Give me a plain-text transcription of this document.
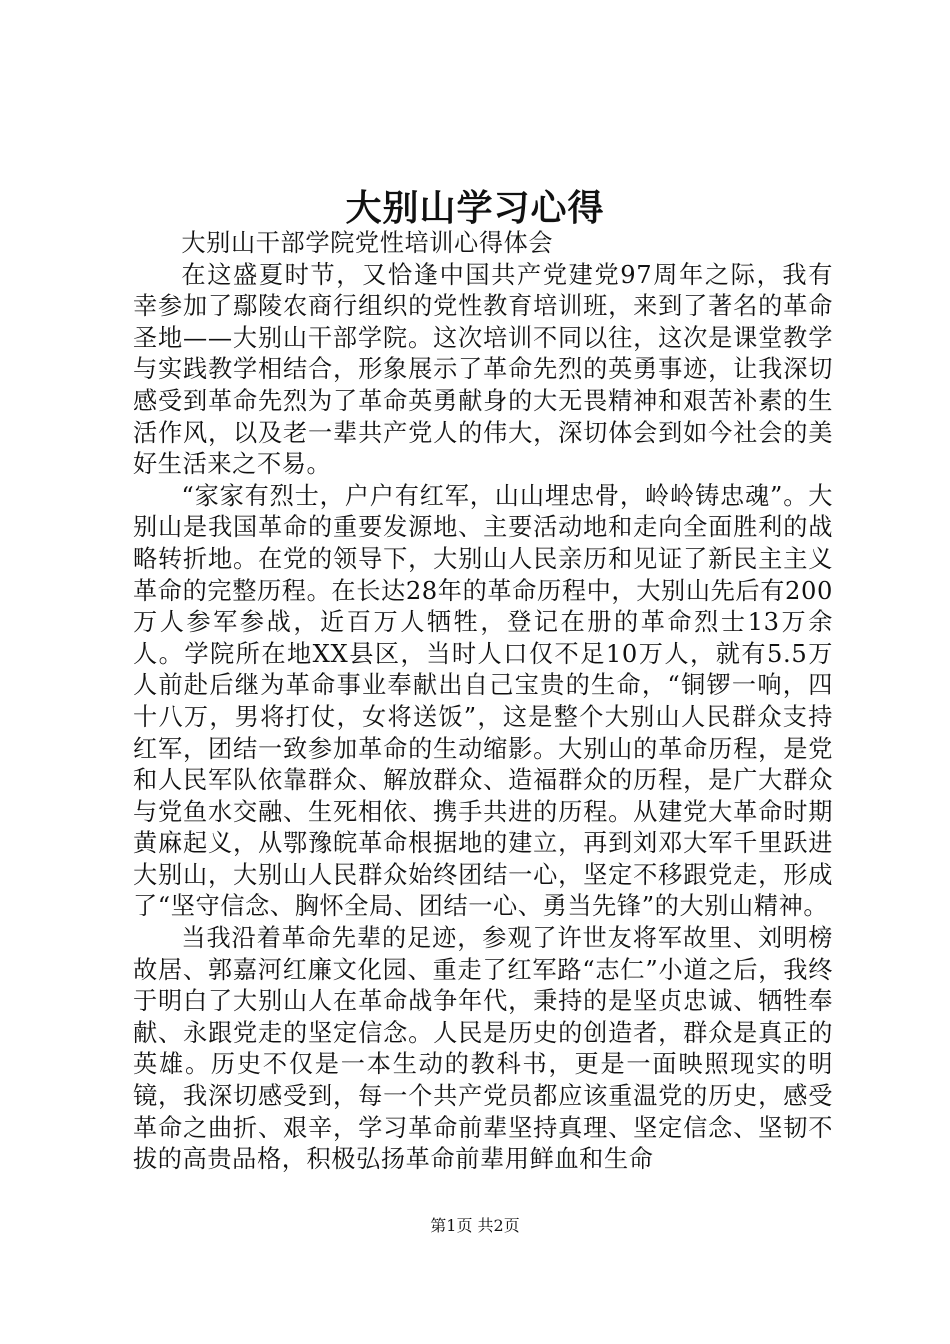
大别山学习心得

大别山干部学院党性培训心得体会

在这盛夏时节，又恰逢中国共产党建党97周年之际，我有幸参加了鄢陵农商行组织的党性教育培训班，来到了著名的革命圣地——大别山干部学院。这次培训不同以往，这次是课堂教学与实践教学相结合，形象展示了革命先烈的英勇事迹，让我深切感受到革命先烈为了革命英勇献身的大无畏精神和艰苦补素的生活作风，以及老一辈共产党人的伟大，深切体会到如今社会的美好生活来之不易。

“家家有烈士，户户有红军，山山埋忠骨，岭岭铸忠魂”。大别山是我国革命的重要发源地、主要活动地和走向全面胜利的战略转折地。在党的领导下，大别山人民亲历和见证了新民主主义革命的完整历程。在长达28年的革命历程中，大别山先后有200万人参军参战，近百万人牺牲，登记在册的革命烈士13万余人。学院所在地XX县区，当时人口仅不足10万人，就有5.5万人前赴后继为革命事业奉献出自己宝贵的生命，“铜锣一响，四十八万，男将打仗，女将送饭”，这是整个大别山人民群众支持红军，团结一致参加革命的生动缩影。大别山的革命历程，是党和人民军队依靠群众、解放群众、造福群众的历程，是广大群众与党鱼水交融、生死相依、携手共进的历程。从建党大革命时期黄麻起义，从鄂豫皖革命根据地的建立，再到刘邓大军千里跃进大别山，大别山人民群众始终团结一心，坚定不移跟党走，形成了“坚守信念、胸怀全局、团结一心、勇当先锋”的大别山精神。

当我沿着革命先辈的足迹，参观了许世友将军故里、刘明榜故居、郭嘉河红廉文化园、重走了红军路“志仁”小道之后，我终于明白了大别山人在革命战争年代，秉持的是坚贞忠诚、牺牲奉献、永跟党走的坚定信念。人民是历史的创造者，群众是真正的英雄。历史不仅是一本生动的教科书，更是一面映照现实的明镜，我深切感受到，每一个共产党员都应该重温党的历史，感受革命之曲折、艰辛，学习革命前辈坚持真理、坚定信念、坚韧不拔的高贵品格，积极弘扬革命前辈用鲜血和生命

第1页 共2页
